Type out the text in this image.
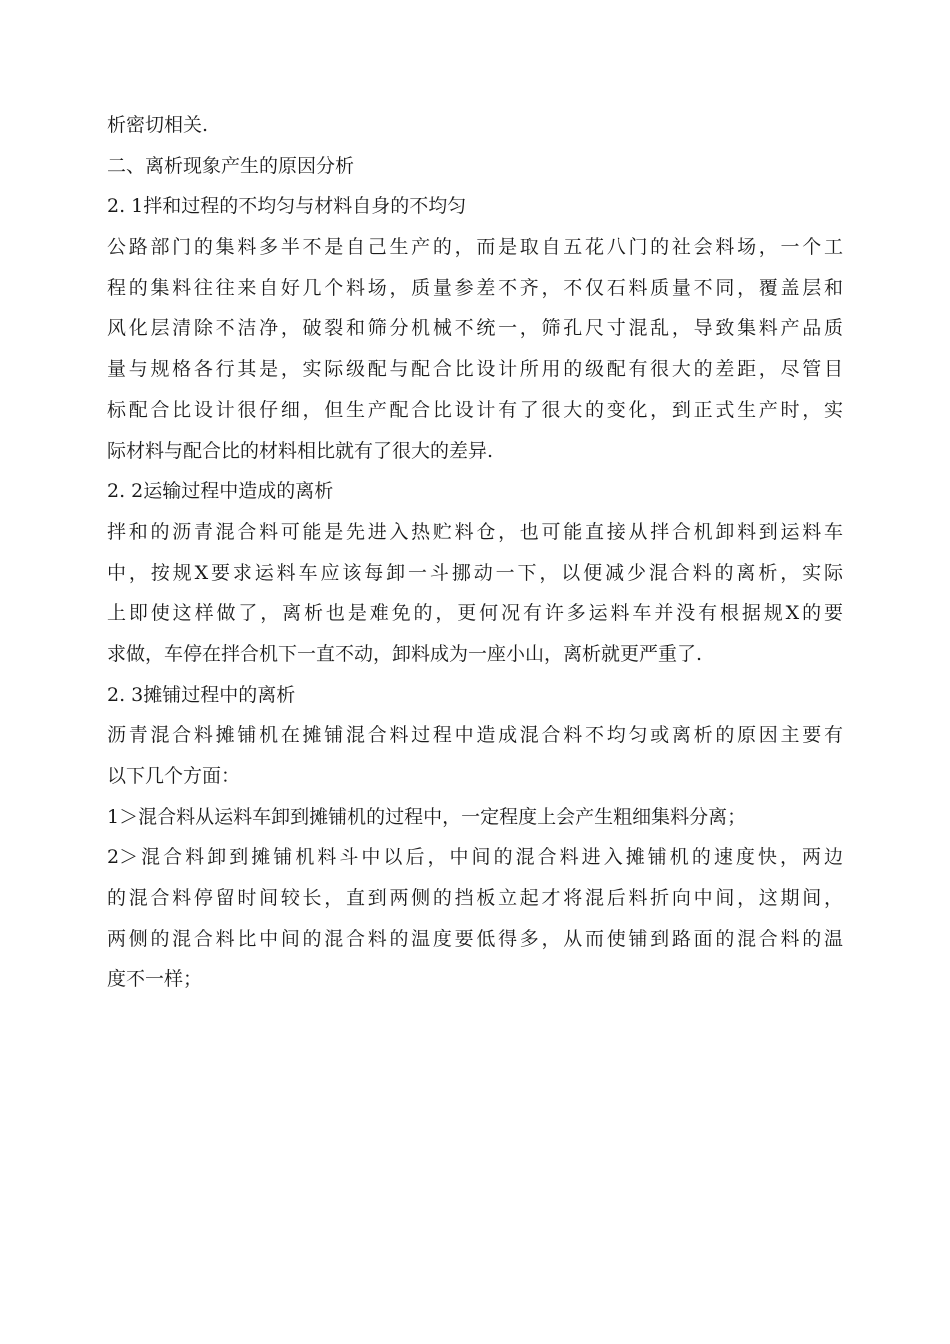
析密切相关.

二、离析现象产生的原因分析

2. 1拌和过程的不均匀与材料自身的不均匀

公路部门的集料多半不是自己生产的，而是取自五花八门的社会料场，一个工

程的集料往往来自好几个料场，质量参差不齐，不仅石料质量不同，覆盖层和

风化层清除不洁净，破裂和筛分机械不统一，筛孔尺寸混乱，导致集料产品质

量与规格各行其是，实际级配与配合比设计所用的级配有很大的差距，尽管目

标配合比设计很仔细，但生产配合比设计有了很大的变化，到正式生产时，实

际材料与配合比的材料相比就有了很大的差异.

2. 2运输过程中造成的离析

拌和的沥青混合料可能是先进入热贮料仓，也可能直接从拌合机卸料到运料车

中，按规X要求运料车应该每卸一斗挪动一下，以便减少混合料的离析，实际

上即使这样做了，离析也是难免的，更何况有许多运料车并没有根据规X的要

求做，车停在拌合机下一直不动，卸料成为一座小山，离析就更严重了.

2. 3摊铺过程中的离析

沥青混合料摊铺机在摊铺混合料过程中造成混合料不均匀或离析的原因主要有

以下几个方面：

1＞混合料从运料车卸到摊铺机的过程中，一定程度上会产生粗细集料分离；

2＞混合料卸到摊铺机料斗中以后，中间的混合料进入摊铺机的速度快，两边

的混合料停留时间较长，直到两侧的挡板立起才将混后料折向中间，这期间，

两侧的混合料比中间的混合料的温度要低得多，从而使铺到路面的混合料的温

度不一样；
